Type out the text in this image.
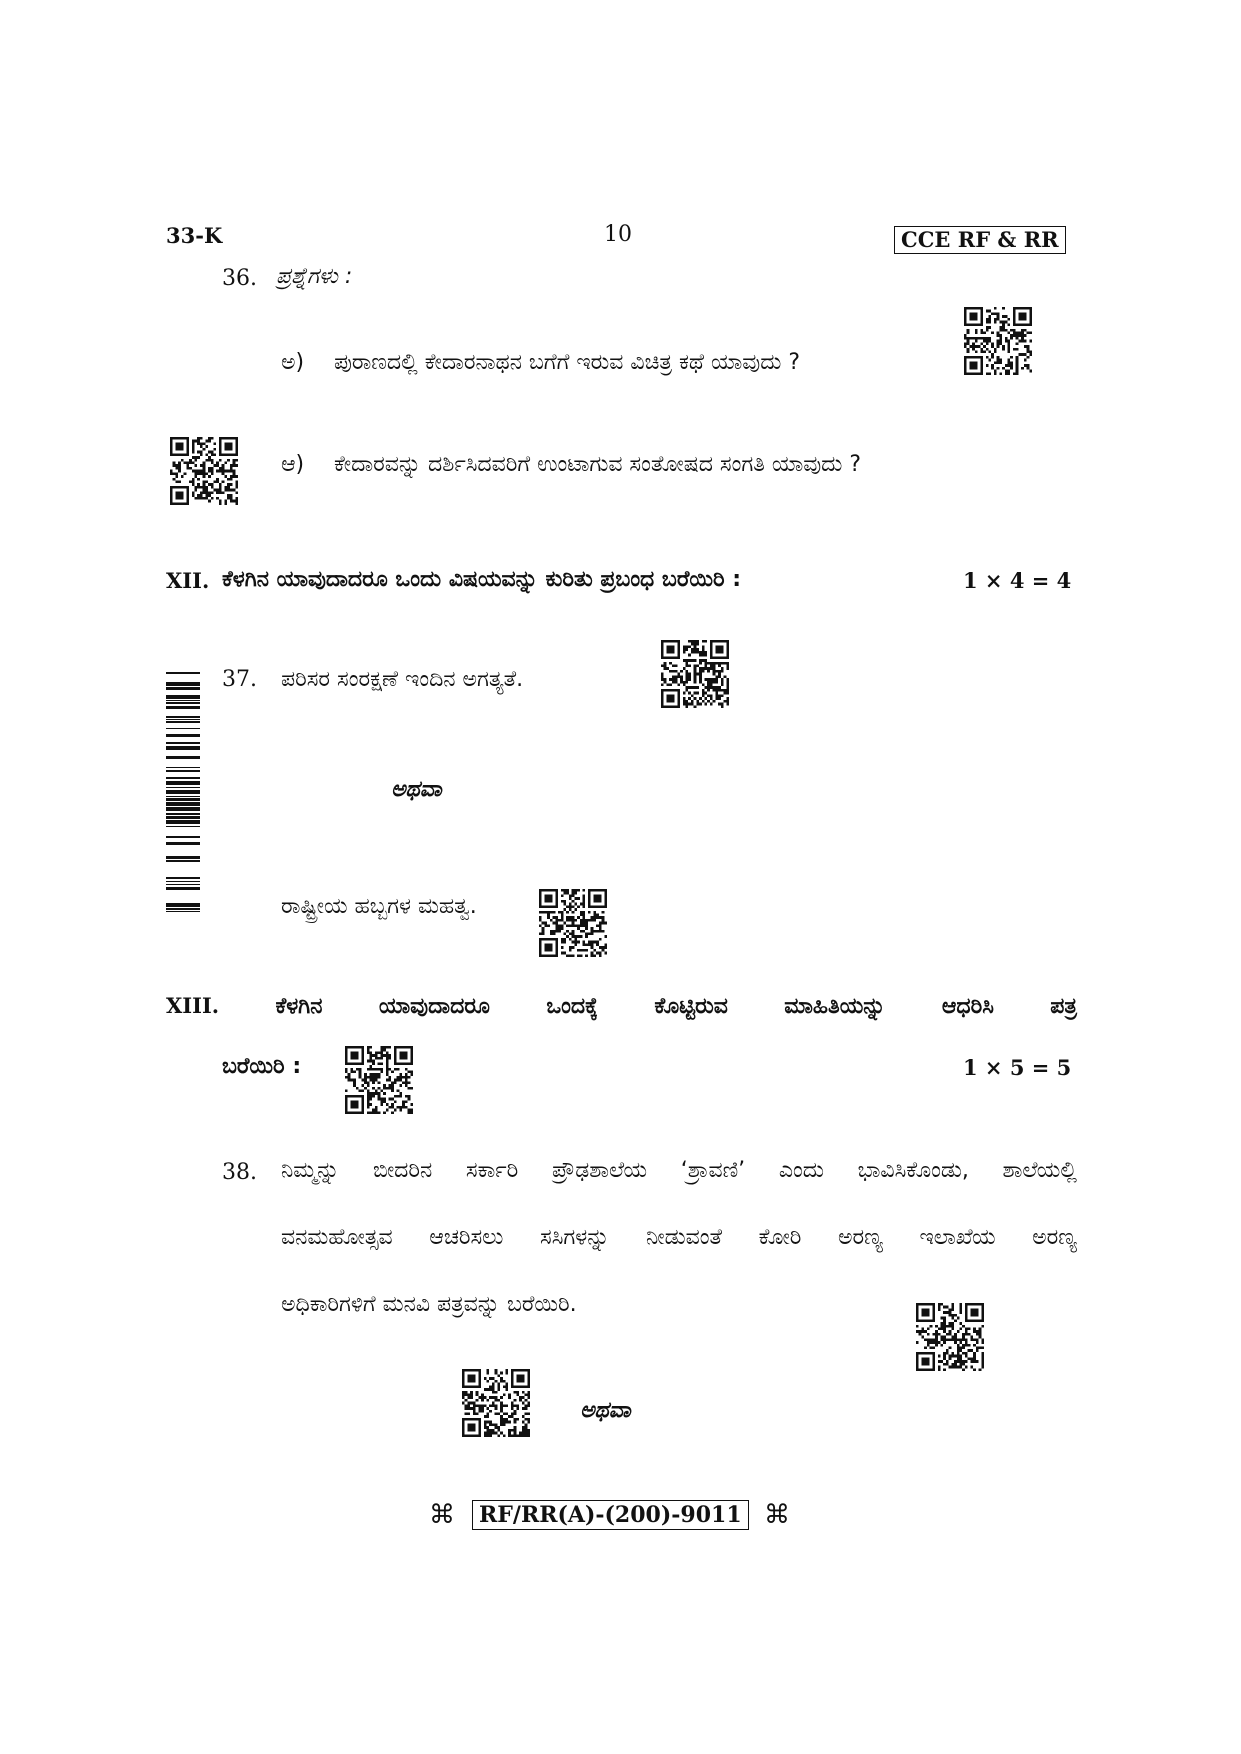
33-K	10	CCE RF & RR
36. ಪ್ರಶ್ನೆಗಳು :
ಅ) ಪುರಾಣದಲ್ಲಿ ಕೇದಾರನಾಥನ ಬಗೆಗೆ ಇರುವ ವಿಚಿತ್ರ ಕಥೆ ಯಾವುದು ?
ಆ) ಕೇದಾರವನ್ನು ದರ್ಶಿಸಿದವರಿಗೆ ಉಂಟಾಗುವ ಸಂತೋಷದ ಸಂಗತಿ ಯಾವುದು ?
XII. ಕೆಳಗಿನ ಯಾವುದಾದರೂ ಒಂದು ವಿಷಯವನ್ನು ಕುರಿತು ಪ್ರಬಂಧ ಬರೆಯಿರಿ :	1 × 4 = 4
37. ಪರಿಸರ ಸಂರಕ್ಷಣೆ ಇಂದಿನ ಅಗತ್ಯತೆ.
ಅಥವಾ
ರಾಷ್ಟ್ರೀಯ ಹಬ್ಬಗಳ ಮಹತ್ವ.
XIII.	ಕೆಳಗಿನ	ಯಾವುದಾದರೂ	ಒಂದಕ್ಕೆ	ಕೊಟ್ಟಿರುವ	ಮಾಹಿತಿಯನ್ನು	ಆಧರಿಸಿ	ಪತ್ರ
ಬರೆಯಿರಿ :	1 × 5 = 5
38. ನಿಮ್ಮನ್ನು ಬೀದರಿನ ಸರ್ಕಾರಿ ಪ್ರೌಢಶಾಲೆಯ ‘ಶ್ರಾವಣಿ’ ಎಂದು ಭಾವಿಸಿಕೊಂಡು, ಶಾಲೆಯಲ್ಲಿ
ವನಮಹೋತ್ಸವ ಆಚರಿಸಲು ಸಸಿಗಳನ್ನು ನೀಡುವಂತೆ ಕೋರಿ ಅರಣ್ಯ ಇಲಾಖೆಯ ಅರಣ್ಯ
ಅಧಿಕಾರಿಗಳಿಗೆ ಮನವಿ ಪತ್ರವನ್ನು ಬರೆಯಿರಿ.
ಅಥವಾ
⌘	RF/RR(A)-(200)-9011 ⌘
